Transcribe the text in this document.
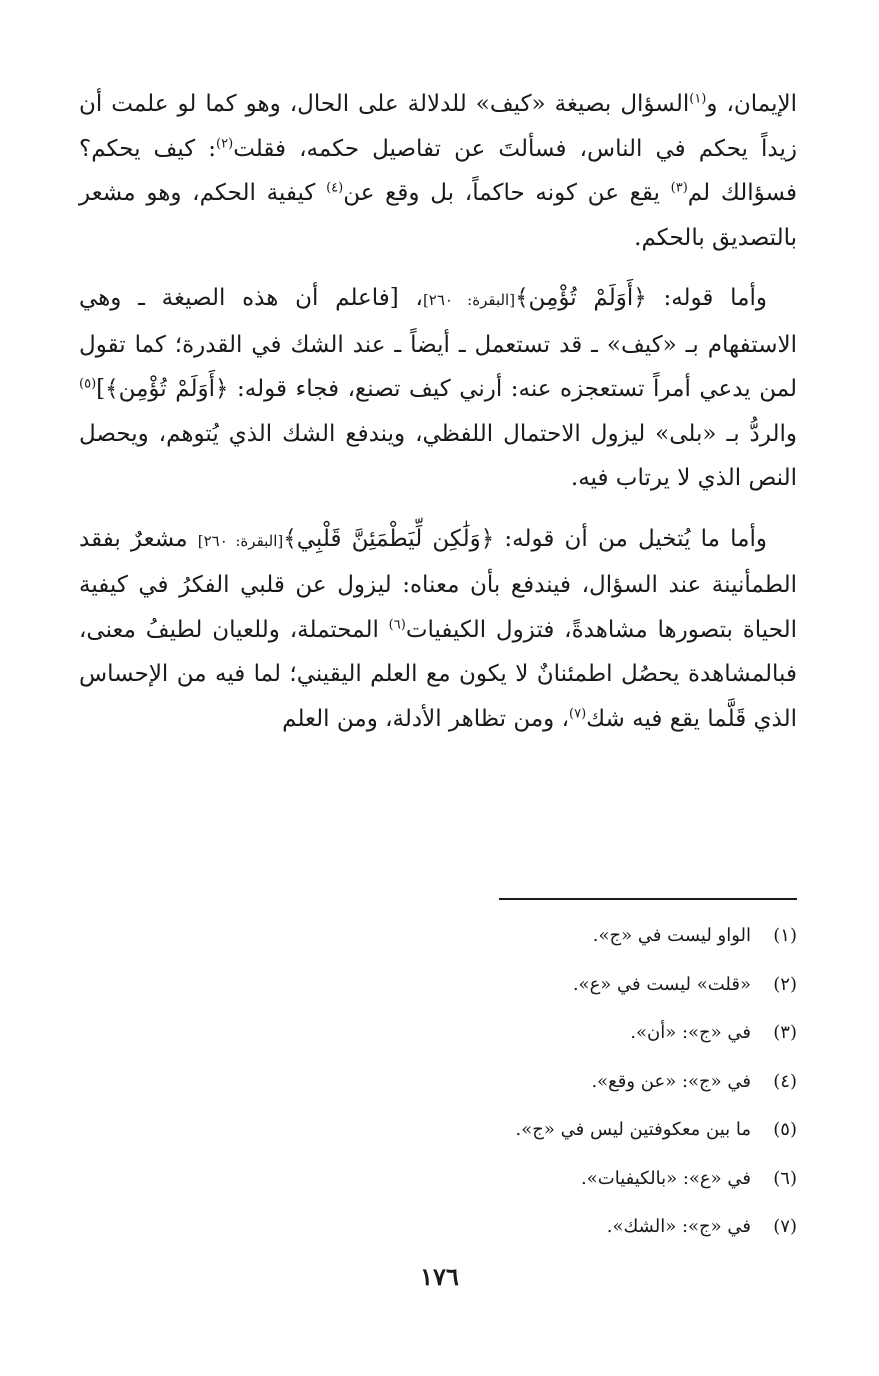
الإيمان، و$^{(١)}$السؤال بصيغة «كيف» للدلالة على الحال، وهو كما لو علمت أن زيداً يحكم في الناس، فسألتَ عن تفاصيل حكمه، فقلت$^{(٢)}$: كيف يحكم؟ فسؤالك لم$^{(٣)}$ يقع عن كونه حاكماً، بل وقع عن$^{(٤)}$ كيفية الحكم، وهو مشعر بالتصديق بالحكم.

وأما قوله: ﴿أَوَلَمْ تُؤْمِن﴾[البقرة: ٢٦٠]، [فاعلم أن هذه الصيغة ـ وهي الاستفهام بـ «كيف» ـ قد تستعمل ـ أيضاً ـ عند الشك في القدرة؛ كما تقول لمن يدعي أمراً تستعجزه عنه: أرني كيف تصنع، فجاء قوله: ﴿أَوَلَمْ تُؤْمِن﴾]$^{(٥)}$ والردُّ بـ «بلى» ليزول الاحتمال اللفظي، ويندفع الشك الذي يُتوهم، ويحصل النص الذي لا يرتاب فيه.

وأما ما يُتخيل من أن قوله: ﴿وَلَٰكِن لِّيَطْمَئِنَّ قَلْبِي﴾[البقرة: ٢٦٠] مشعرٌ بفقد الطمأنينة عند السؤال، فيندفع بأن معناه: ليزول عن قلبي الفكرُ في كيفية الحياة بتصورها مشاهدةً، فتزول الكيفيات$^{(٦)}$ المحتملة، وللعيان لطيفُ معنى، فبالمشاهدة يحصُل اطمئنانٌ لا يكون مع العلم اليقيني؛ لما فيه من الإحساس الذي قَلَّما يقع فيه شك$^{(٧)}$، ومن تظاهر الأدلة، ومن العلم

(١)الواو ليست في «ج».
(٢)«قلت» ليست في «ع».
(٣)في «ج»: «أن».
(٤)في «ج»: «عن وقع».
(٥)ما بين معكوفتين ليس في «ج».
(٦)في «ع»: «بالكيفيات».
(٧)في «ج»: «الشك».
١٧٦
